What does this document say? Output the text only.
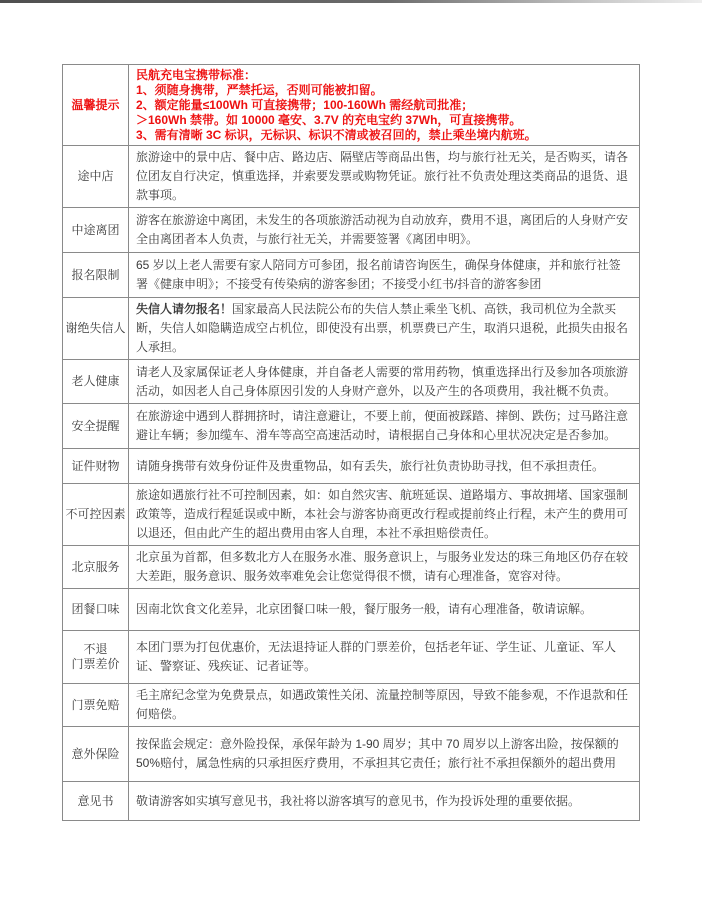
温馨提示	民航充电宝携带标准：
1、须随身携带，严禁托运，否则可能被扣留。
2、额定能量≤100Wh 可直接携带；100-160Wh 需经航司批准；
＞160Wh 禁带。如 10000 毫安、3.7V 的充电宝约 37Wh，可直接携带。
3、需有清晰 3C 标识，无标识、标识不清或被召回的，禁止乘坐境内航班。

途中店	旅游途中的景中店、餐中店、路边店、隔壁店等商品出售，均与旅行社无关，是否购买，请各位团友自行决定，慎重选择，并索要发票或购物凭证。旅行社不负责处理这类商品的退货、退款事项。
中途离团	游客在旅游途中离团，未发生的各项旅游活动视为自动放弃，费用不退，离团后的人身财产安全由离团者本人负责，与旅行社无关，并需要签署《离团申明》。
报名限制	65 岁以上老人需要有家人陪同方可参团，报名前请咨询医生，确保身体健康，并和旅行社签署《健康申明》；不接受有传染病的游客参团；不接受小红书/抖音的游客参团
谢绝失信人	失信人请勿报名！国家最高人民法院公布的失信人禁止乘坐飞机、高铁，我司机位为全款买断，失信人如隐瞒造成空占机位，即使没有出票，机票费已产生，取消只退税，此损失由报名人承担。
老人健康	请老人及家属保证老人身体健康，并自备老人需要的常用药物，慎重选择出行及参加各项旅游活动，如因老人自己身体原因引发的人身财产意外，以及产生的各项费用，我社概不负责。
安全提醒	在旅游途中遇到人群拥挤时，请注意避让，不要上前，便面被踩踏、摔倒、跌伤；过马路注意避让车辆；参加缆车、滑车等高空高速活动时，请根据自己身体和心里状况决定是否参加。
证件财物	请随身携带有效身份证件及贵重物品，如有丢失，旅行社负责协助寻找，但不承担责任。
不可控因素	旅途如遇旅行社不可控制因素，如：如自然灾害、航班延误、道路塌方、事故拥堵、国家强制政策等，造成行程延误或中断，本社会与游客协商更改行程或提前终止行程，未产生的费用可以退还，但由此产生的超出费用由客人自理，本社不承担赔偿责任。
北京服务	北京虽为首都，但多数北方人在服务水准、服务意识上，与服务业发达的珠三角地区仍存在较大差距，服务意识、服务效率难免会让您觉得很不惯，请有心理准备，宽容对待。
团餐口味	因南北饮食文化差异，北京团餐口味一般，餐厅服务一般，请有心理准备，敬请谅解。
不退
门票差价	本团门票为打包优惠价，无法退持证人群的门票差价，包括老年证、学生证、儿童证、军人证、警察证、残疾证、记者证等。
门票免赔	毛主席纪念堂为免费景点，如遇政策性关闭、流量控制等原因，导致不能参观，不作退款和任何赔偿。
意外保险	按保监会规定：意外险投保，承保年龄为 1-90 周岁；其中 70 周岁以上游客出险，按保额的 50%赔付，属急性病的只承担医疗费用，不承担其它责任；旅行社不承担保额外的超出费用
意见书	敬请游客如实填写意见书，我社将以游客填写的意见书，作为投诉处理的重要依据。
